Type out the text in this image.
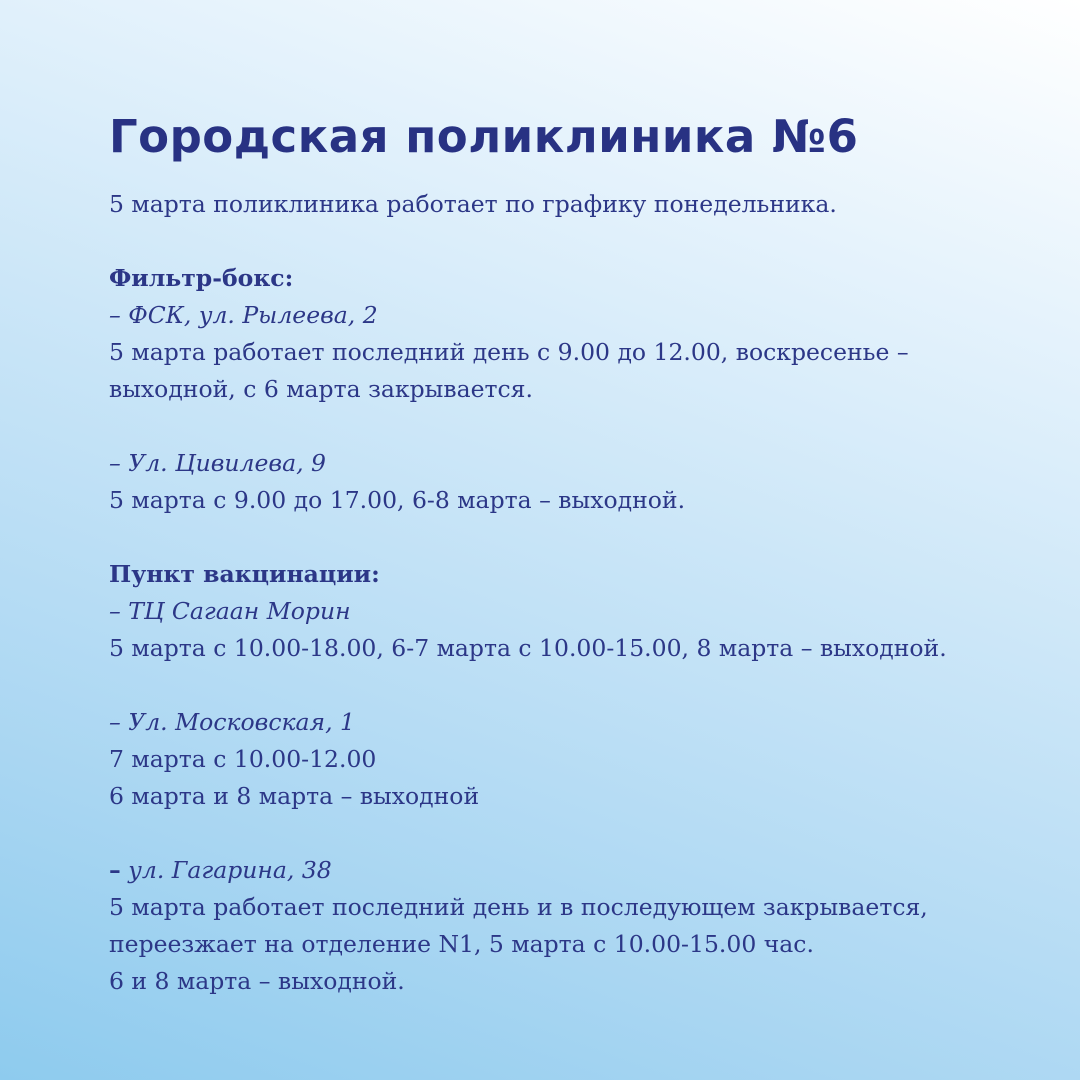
Городская поликлиника №6
5 марта поликлиника работает по графику понедельника.
Фильтр-бокс:
– ФСК, ул. Рылеева, 2
5 марта работает последний день с 9.00 до 12.00, воскресенье –
выходной, с 6 марта закрывается.
– Ул. Цивилева, 9
5 марта с 9.00 до 17.00, 6-8 марта – выходной.
Пункт вакцинации:
– ТЦ Сагаан Морин
5 марта с 10.00-18.00, 6-7 марта с 10.00-15.00, 8 марта – выходной.
– Ул. Московская, 1
7 марта с 10.00-12.00
6 марта и 8 марта – выходной
– ул. Гагарина, 38
5 марта работает последний день и в последующем закрывается,
переезжает на отделение N1, 5 марта с 10.00-15.00 час.
6 и 8 марта – выходной.
